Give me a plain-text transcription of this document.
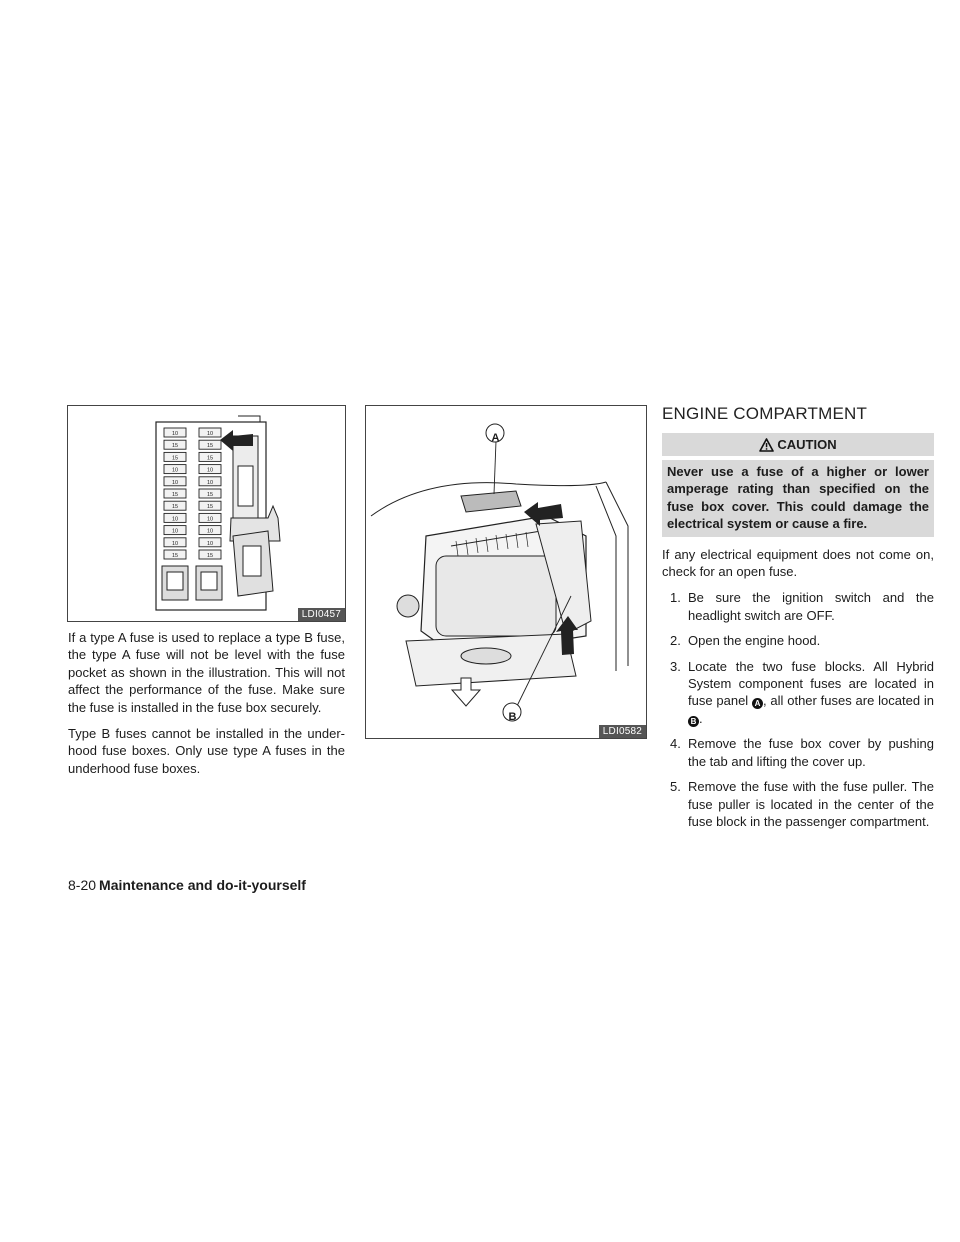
10
15
15
10
10
15
15
10
10
10
15
10
15
15
10
10
15
15
10
10
10
15
LDI0457
A
B
LDI0582

If a type A fuse is used to replace a type B fuse, the type A fuse will not be level with the fuse pocket as shown in the illustration. This will not affect the performance of the fuse. Make sure the fuse is installed in the fuse box securely.

Type B fuses cannot be installed in the under-hood fuse boxes. Only use type A fuses in the underhood fuse boxes.

ENGINE COMPARTMENT
CAUTION
Never use a fuse of a higher or lower amperage rating than specified on the fuse box cover. This could damage the electrical system or cause a fire.

If any electrical equipment does not come on, check for an open fuse.

1. Be sure the ignition switch and the headlight switch are OFF.
2. Open the engine hood.
3. Locate the two fuse blocks. All Hybrid System component fuses are located in fuse panel A , all other fuses are located in B .
4. Remove the fuse box cover by pushing the tab and lifting the cover up.
5. Remove the fuse with the fuse puller. The fuse puller is located in the center of the fuse block in the passenger compartment.
8-20 Maintenance and do-it-yourself
